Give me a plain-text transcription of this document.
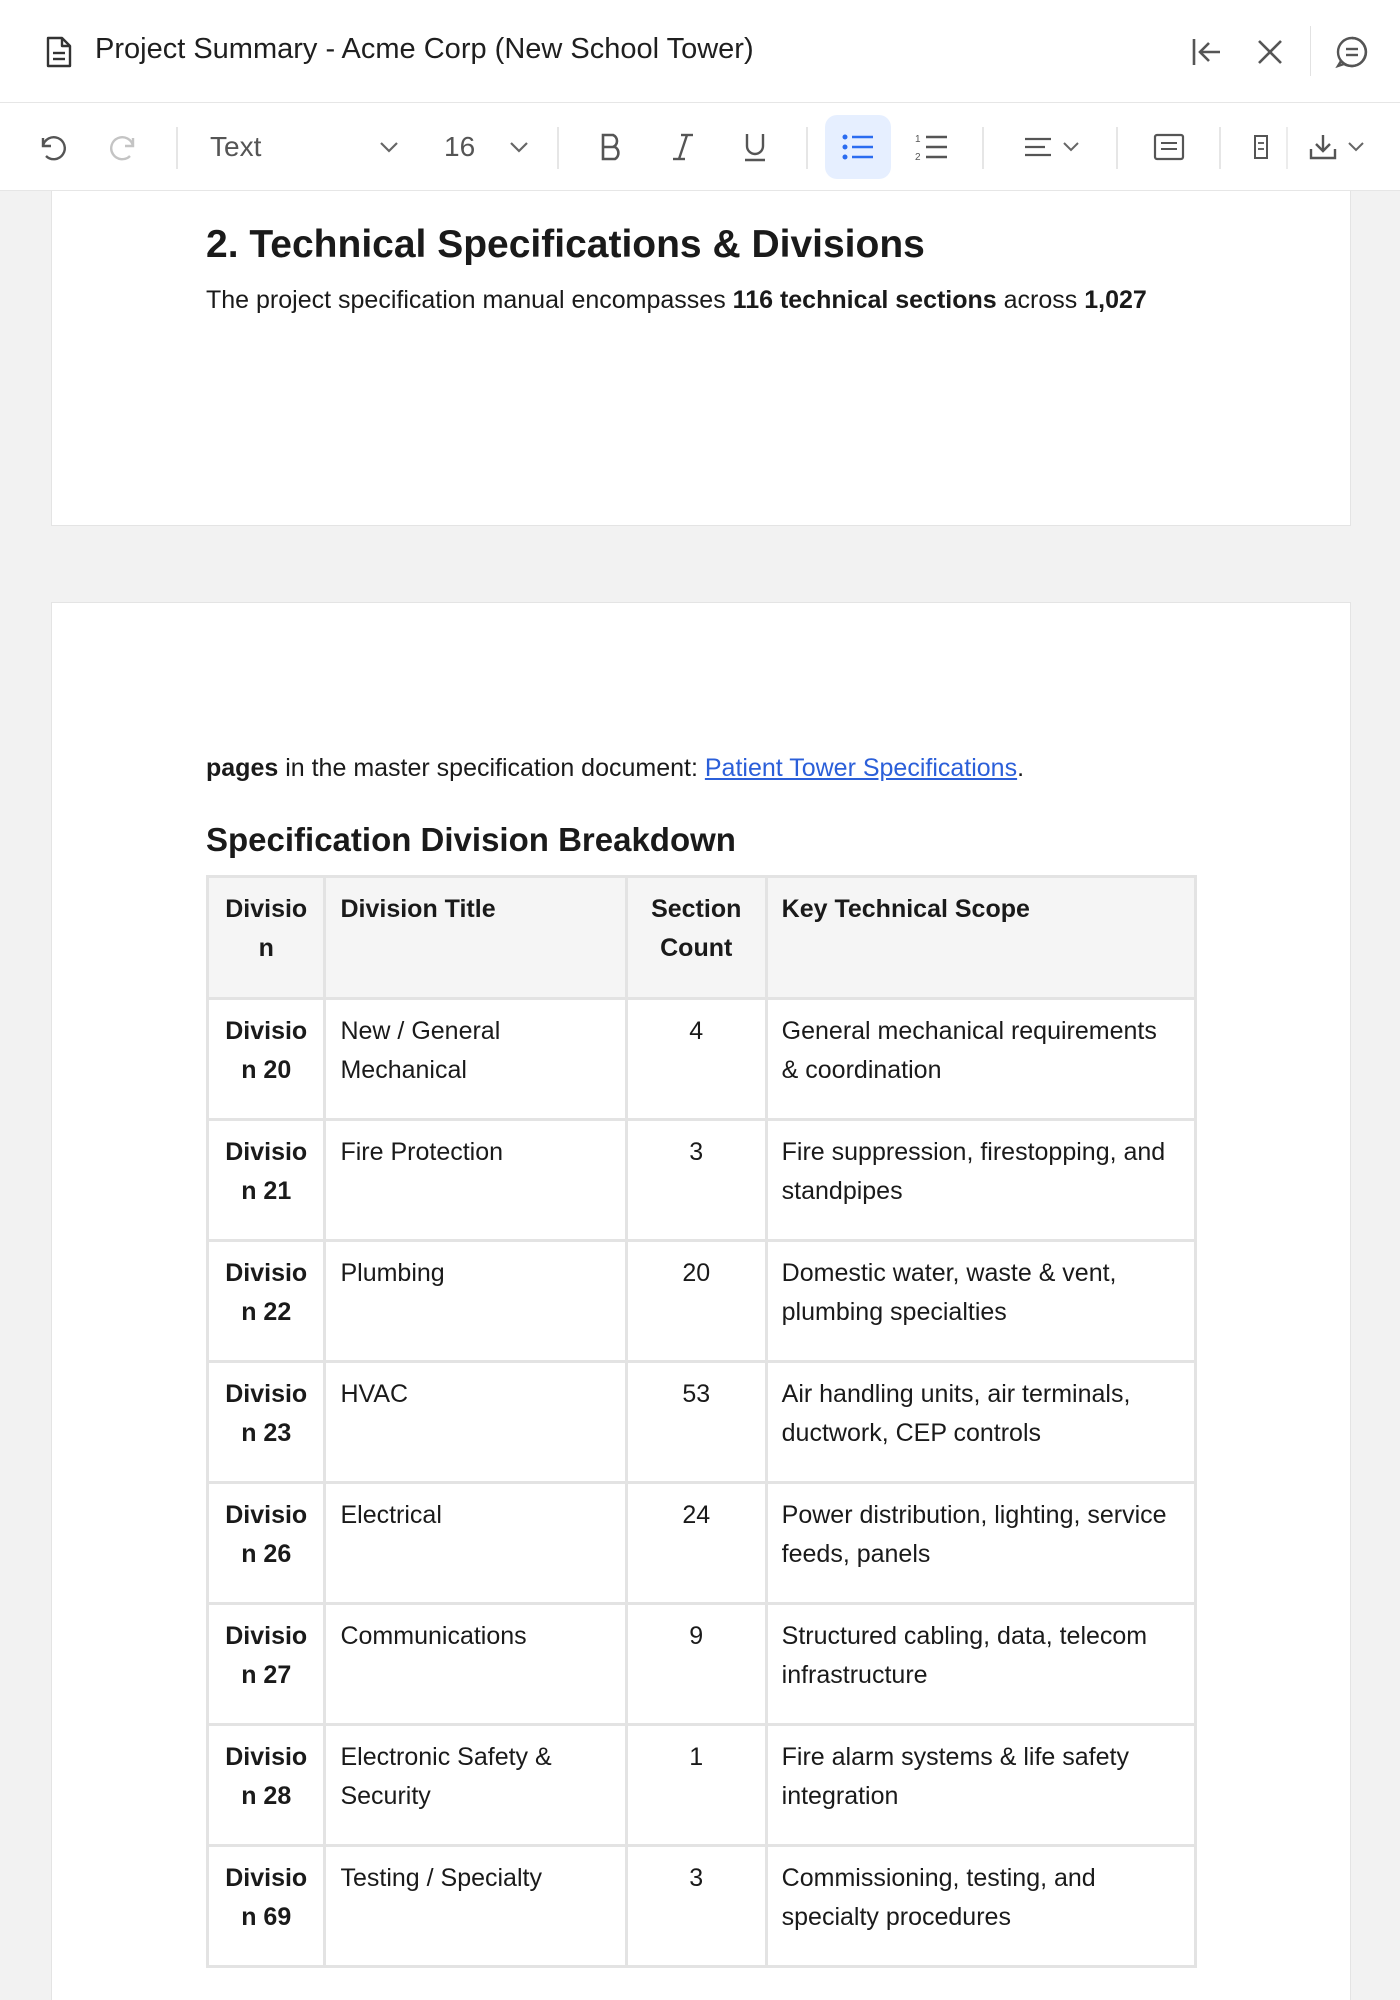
Project Summary - Acme Corp (New School Tower)
Text	16	1
2
2. Technical Specifications & Divisions
The project specification manual encompasses 116 technical sections across 1,027
pages in the master specification document: Patient Tower Specifications.
Specification Division Breakdown
Division	Division Title	Section Count	Key Technical Scope
Division 20	New / General Mechanical	4	General mechanical requirements & coordination
Division 21	Fire Protection	3	Fire suppression, firestopping, and standpipes
Division 22	Plumbing	20	Domestic water, waste & vent, plumbing specialties
Division 23	HVAC	53	Air handling units, air terminals, ductwork, CEP controls
Division 26	Electrical	24	Power distribution, lighting, service feeds, panels
Division 27	Communications	9	Structured cabling, data, telecom infrastructure
Division 28	Electronic Safety & Security	1	Fire alarm systems & life safety integration
Division 69	Testing / Specialty	3	Commissioning, testing, and specialty procedures
